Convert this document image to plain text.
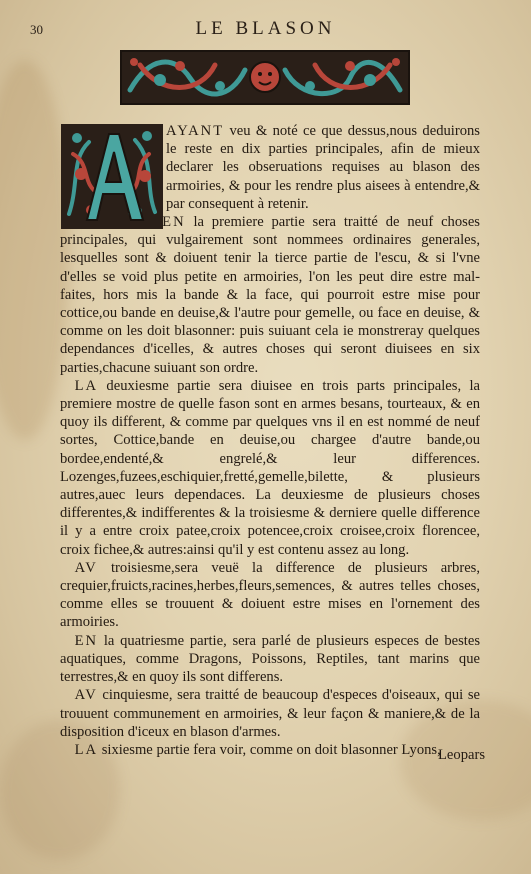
30	LE BLASON

AYANT veu & noté ce que dessus,nous deduirons le reste en dix parties principales, afin de mieux declarer les obseruations requises au blason des armoiries, & pour les rendre plus aisees à entendre,& par consequent à retenir.

       EN la premiere partie sera traitté de neuf choses principales, qui vulgairement sont nommees ordinaires generales, lesquelles sont & doiuent tenir la tierce partie de l'escu, & si l'vne d'elles se void plus petite en armoiries, l'on les peut dire estre mal-faites, hors mis la bande & la face, qui pourroit estre mise pour cottice,ou bande en deuise,& l'autre pour gemelle, ou face en deuise, & comme on les doit blasonner: puis suiuant cela ie monstreray quelques dependances d'icelles, & autres choses qui seront diuisees en six parties,chacune suiuant son ordre.

 LA deuxiesme partie sera diuisee en trois parts principales, la premiere mostre de quelle fason sont en armes besans, tourteaux, & en quoy ils different, & comme par quelques vns il en est nommé de neuf sortes, Cottice,bande en deuise,ou chargee d'autre bande,ou bordee,endenté,& engrelé,& leur differences. Lozenges,fuzees,eschiquier,fretté,gemelle,bilette, & plusieurs autres,auec leurs dependaces. La deuxiesme de plusieurs choses differentes,& indifferentes & la troisiesme & derniere quelle difference il y a entre croix patee,croix potencee,croix croisee,croix florencee, croix fichee,& autres:ainsi qu'il y est contenu assez au long.

 AV troisiesme,sera veuë la difference de plusieurs arbres, crequier,fruicts,racines,herbes,fleurs,semences, & autres telles choses, comme elles se trouuent & doiuent estre mises en l'ornement des armoiries.

 EN la quatriesme partie, sera parlé de plusieurs especes de bestes aquatiques, comme Dragons, Poissons, Reptiles, tant marins que terrestres,& en quoy ils sont differens.

 AV cinquiesme, sera traitté de beaucoup d'especes d'oiseaux, qui se trouuent communement en armoiries, & leur façon & maniere,& de la disposition d'iceux en blason d'armes.

 LA sixiesme partie fera voir, comme on doit blasonner Lyons,

Leopars
